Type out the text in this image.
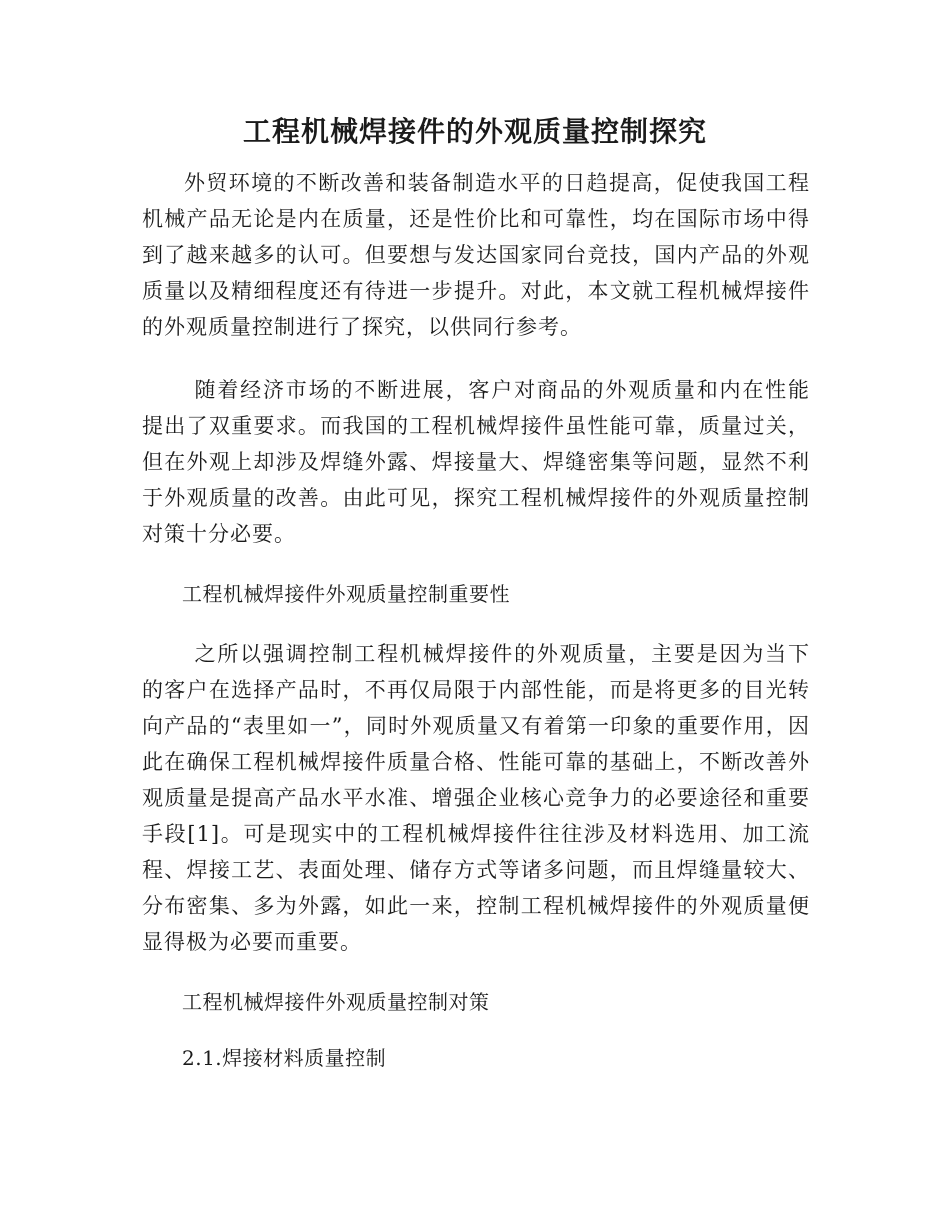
工程机械焊接件的外观质量控制探究

外贸环境的不断改善和装备制造水平的日趋提高，促使我国工程机械产品无论是内在质量，还是性价比和可靠性，均在国际市场中得到了越来越多的认可。但要想与发达国家同台竞技，国内产品的外观质量以及精细程度还有待进一步提升。对此，本文就工程机械焊接件的外观质量控制进行了探究，以供同行参考。

随着经济市场的不断进展，客户对商品的外观质量和内在性能提出了双重要求。而我国的工程机械焊接件虽性能可靠，质量过关，但在外观上却涉及焊缝外露、焊接量大、焊缝密集等问题，显然不利于外观质量的改善。由此可见，探究工程机械焊接件的外观质量控制对策十分必要。

工程机械焊接件外观质量控制重要性

之所以强调控制工程机械焊接件的外观质量，主要是因为当下的客户在选择产品时，不再仅局限于内部性能，而是将更多的目光转向产品的“表里如一”，同时外观质量又有着第一印象的重要作用，因此在确保工程机械焊接件质量合格、性能可靠的基础上，不断改善外观质量是提高产品水平水准、增强企业核心竞争力的必要途径和重要手段[1]。可是现实中的工程机械焊接件往往涉及材料选用、加工流程、焊接工艺、表面处理、储存方式等诸多问题，而且焊缝量较大、分布密集、多为外露，如此一来，控制工程机械焊接件的外观质量便显得极为必要而重要。

工程机械焊接件外观质量控制对策

2.1.焊接材料质量控制
